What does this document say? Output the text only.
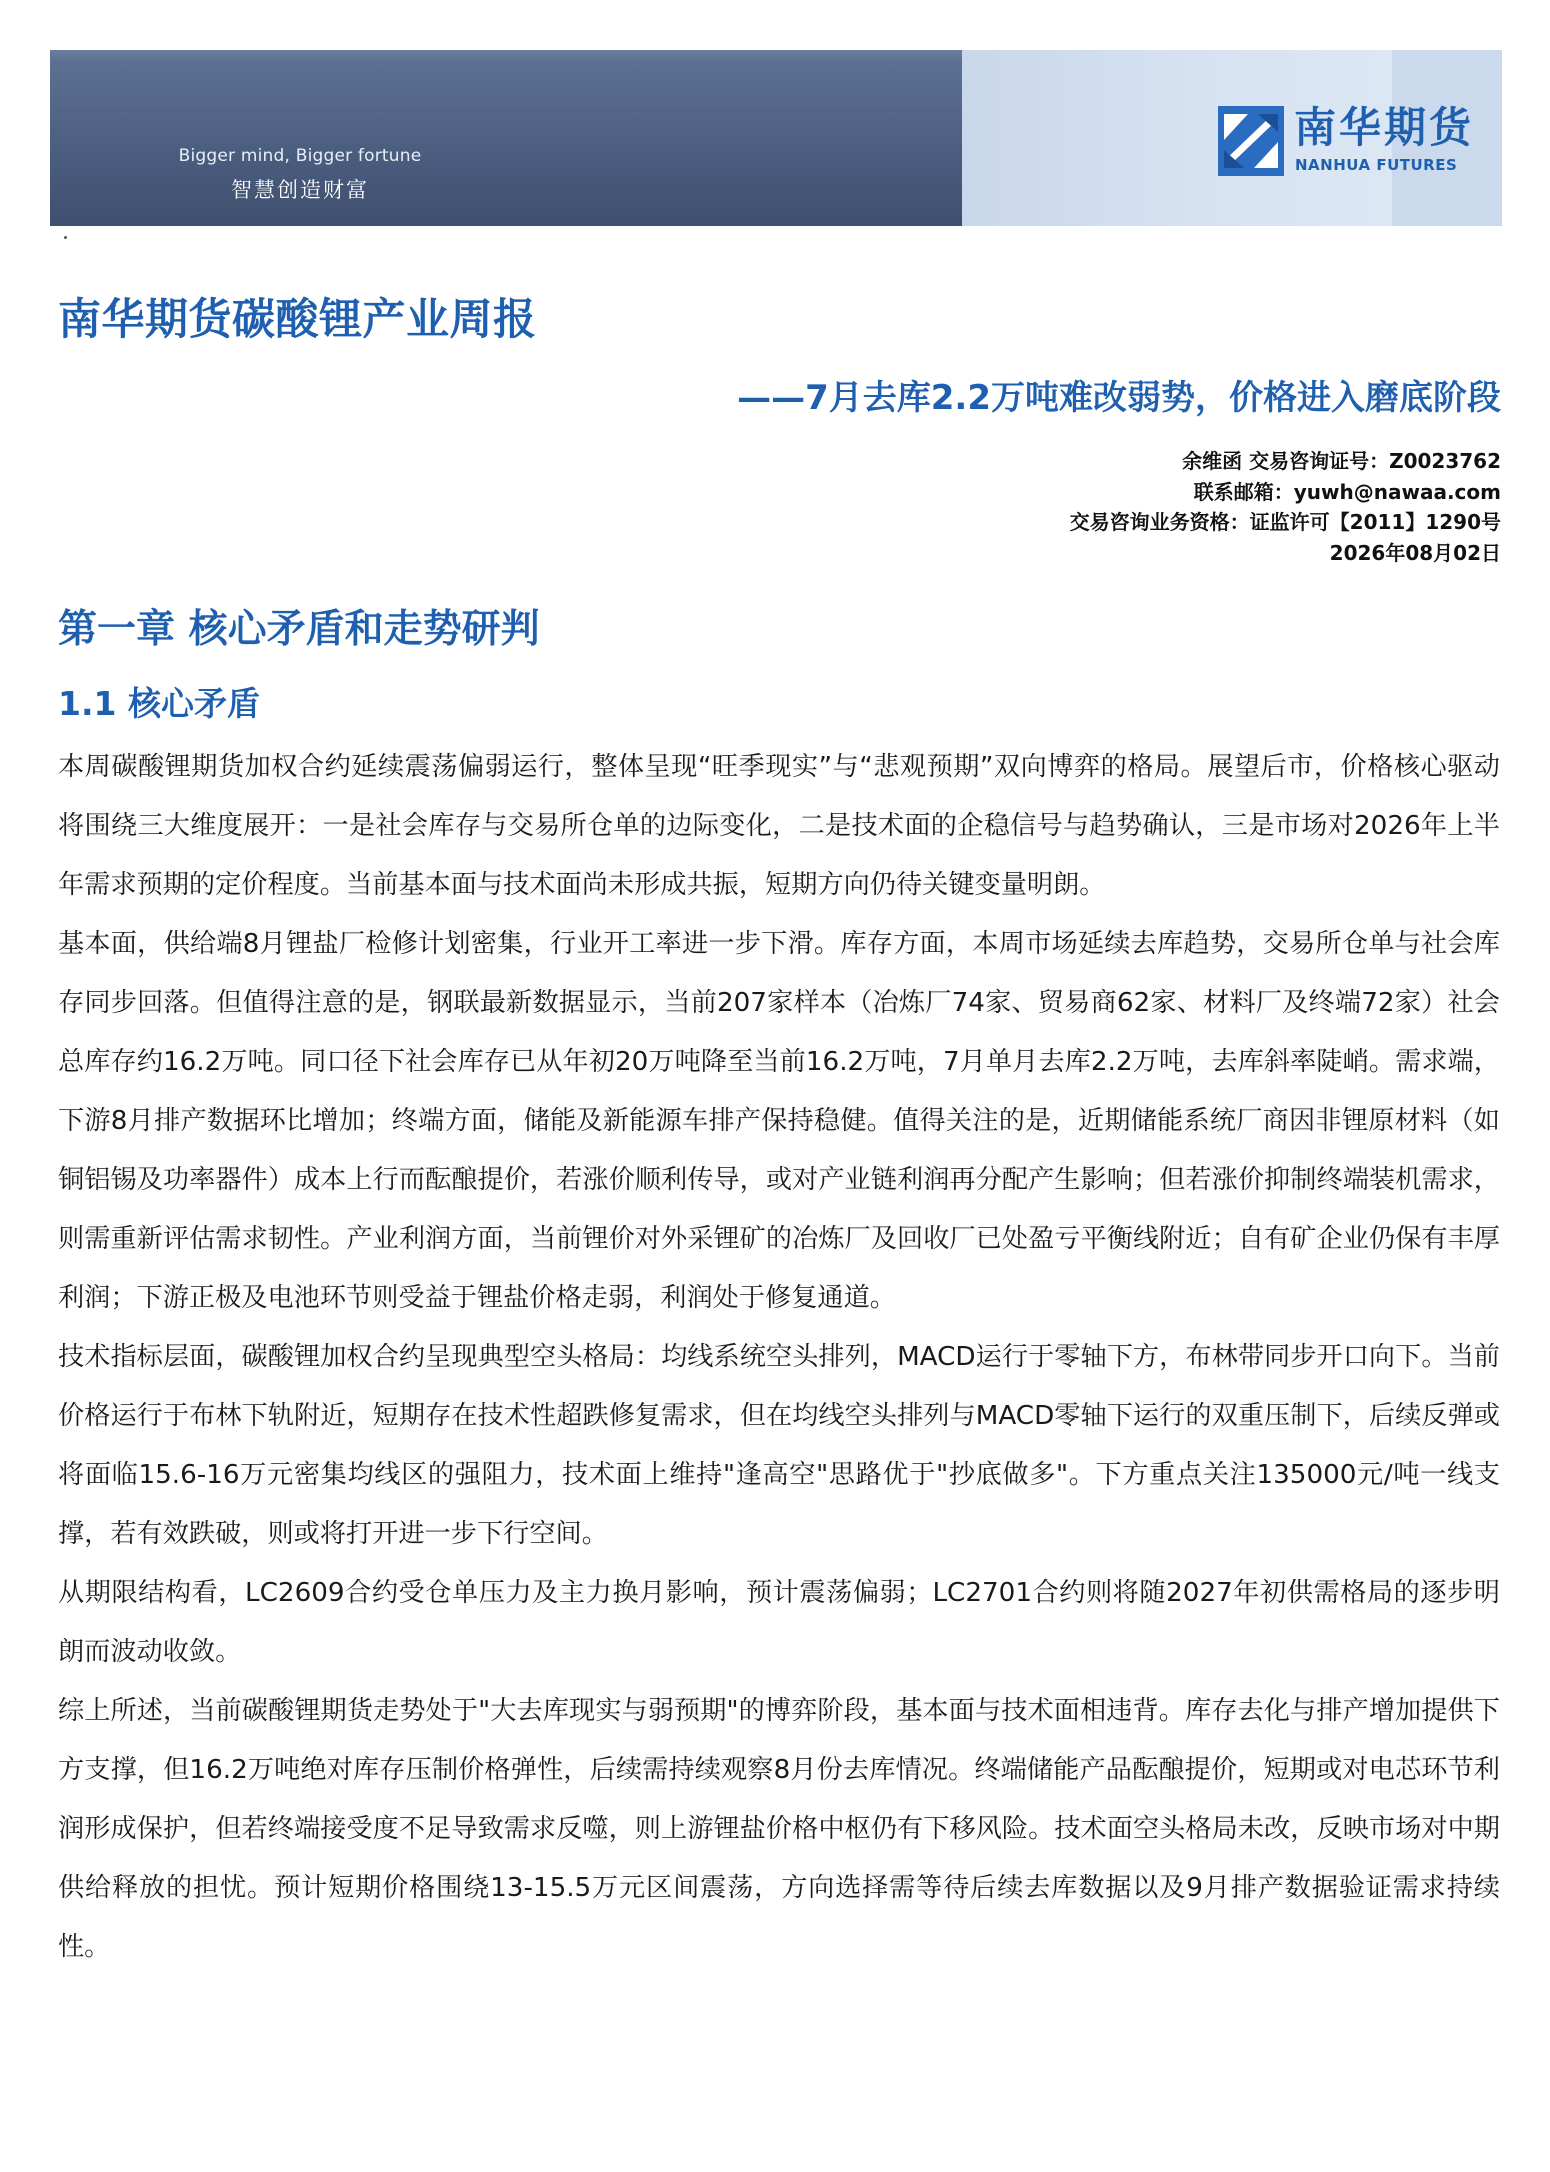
Bigger mind, Bigger fortune
智慧创造财富
南华期货
NANHUA FUTURES
南华期货碳酸锂产业周报
——7月去库2.2万吨难改弱势，价格进入磨底阶段
余维函 交易咨询证号：Z0023762
联系邮箱：yuwh@nawaa.com
交易咨询业务资格：证监许可【2011】1290号
2026年08月02日
第一章 核心矛盾和走势研判
1.1 核心矛盾

本周碳酸锂期货加权合约延续震荡偏弱运行，整体呈现“旺季现实”与“悲观预期”双向博弈的格局。展望后市，价格核心驱动将围绕三大维度展开：一是社会库存与交易所仓单的边际变化，二是技术面的企稳信号与趋势确认，三是市场对2026年上半年需求预期的定价程度。当前基本面与技术面尚未形成共振，短期方向仍待关键变量明朗。

基本面，供给端8月锂盐厂检修计划密集，行业开工率进一步下滑。库存方面，本周市场延续去库趋势，交易所仓单与社会库存同步回落。但值得注意的是，钢联最新数据显示，当前207家样本（冶炼厂74家、贸易商62家、材料厂及终端72家）社会总库存约16.2万吨。同口径下社会库存已从年初20万吨降至当前16.2万吨，7月单月去库2.2万吨，去库斜率陡峭。需求端，下游8月排产数据环比增加；终端方面，储能及新能源车排产保持稳健。值得关注的是，近期储能系统厂商因非锂原材料（如铜铝锡及功率器件）成本上行而酝酿提价，若涨价顺利传导，或对产业链利润再分配产生影响；但若涨价抑制终端装机需求，则需重新评估需求韧性。产业利润方面，当前锂价对外采锂矿的冶炼厂及回收厂已处盈亏平衡线附近；自有矿企业仍保有丰厚利润；下游正极及电池环节则受益于锂盐价格走弱，利润处于修复通道。

技术指标层面，碳酸锂加权合约呈现典型空头格局：均线系统空头排列，MACD运行于零轴下方，布林带同步开口向下。当前价格运行于布林下轨附近，短期存在技术性超跌修复需求，但在均线空头排列与MACD零轴下运行的双重压制下，后续反弹或将面临15.6-16万元密集均线区的强阻力，技术面上维持"逢高空"思路优于"抄底做多"。下方重点关注135000元/吨一线支撑，若有效跌破，则或将打开进一步下行空间。

从期限结构看，LC2609合约受仓单压力及主力换月影响，预计震荡偏弱；LC2701合约则将随2027年初供需格局的逐步明朗而波动收敛。

综上所述，当前碳酸锂期货走势处于"大去库现实与弱预期"的博弈阶段，基本面与技术面相违背。库存去化与排产增加提供下方支撑，但16.2万吨绝对库存压制价格弹性，后续需持续观察8月份去库情况。终端储能产品酝酿提价，短期或对电芯环节利润形成保护，但若终端接受度不足导致需求反噬，则上游锂盐价格中枢仍有下移风险。技术面空头格局未改，反映市场对中期供给释放的担忧。预计短期价格围绕13-15.5万元区间震荡，方向选择需等待后续去库数据以及9月排产数据验证需求持续性。
